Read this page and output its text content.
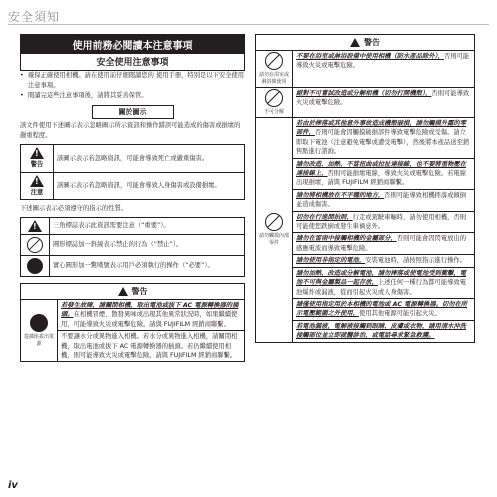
安全須知
使用前務必閱讀本注意事項
安全使用注意事項
• 確保正確使用相機。請在使用前仔細閱讀您的 使用手冊，特別是以下安全使用注意事項。
• 閱讀完這些注意事項後，請將其妥善保管。
關於圖示
該文件使用下述圖示表示忽略圖示所示資訊和操作錯誤可能造成的傷害或損壞的嚴重程度。
!
警告	該圖示表示若忽略資訊，可能會導致死亡或嚴重傷害。

!
注意	該圖示表示若忽略資訊，可能會導致人身傷害或設備損壞。
下述圖示表示必須遵守的指示的性質。
!
	三角標誌表示此資訊需要注意（“重要”）。

	圓形標誌加一斜線表示禁止的行為（“禁止”）。

	實心圓形加一驚嘆號表示用戶必須執行的操作（“必要”）。
警告
從插座拔出電源	若發生故障，請關閉相機，取出電池或拔下 AC 電源轉換器的插頭。在相機冒煙、散發異味或出現其他異常狀況時，如果繼續使用，可能導致火災或電擊危險。請與 FUJIFILM 經銷商聯繫。
不要讓水分或異物進入相機。若水分或異物進入相機，請關閉相機，取出電池或拔下 AC 電源轉換器的插頭。若仍繼續使用相機，則可能導致火災或電擊危險。請與 FUJIFILM 經銷商聯繫。
警告
請勿在浴室或淋浴間使用	不要在浴室或淋浴設備中使用相機（防水產品除外），否則可能導致火災或電擊危險。

不可分解	絕對不可嘗試改造或分解相機（切勿打開機殼），否則可能導致火災或電擊危險。

請勿觸摸內部零件	若由於摔落或其他意外事故造成機殼破損，請勿觸摸外露的零部件，否則可能會因觸摸破損部件導致電擊危險或受傷。請立即取下電池（注意避免電擊或遭受電擊），然後將本產品送至銷售點進行諮詢。
	請勿改造、加熱、不當扭曲或拉扯連接線，也不要將重物壓在連接線上，否則可能損壞電線，導致火災或電擊危險。若電線出現損壞，請與 FUJIFILM 經銷商聯繫。
	請勿將相機放在不平穩的地方，否則可能導致相機摔落或傾倒並造成傷害。
	切勿在行進間拍照，行走或駕駛車輛時，請勿使用相機，否則可能使您跌倒或發生車禍意外。
	請勿在雷雨中接觸相機的金屬部分，否則可能會因閃電放出的感應電流而導致電擊危險。
	請勿使用非指定的電池，安裝電池時，請按照指示進行操作。
	請勿加熱、改造或分解電池，請勿摔落或使電池受到衝擊，電池不可與金屬製品一起存放，上述任何一種行為都可能導致電池爆炸或漏液，從而引起火災或人身傷害。
	請僅使用指定用於本相機的電池或 AC 電源轉換器。切勿在所示電壓範圍之外使用，使用其他電源可能引起火災。
	若電池漏液，電解液接觸到眼睛、皮膚或衣物，請用清水沖洗接觸部位並立即就醫診治，或電話尋求緊急救護。
iv
